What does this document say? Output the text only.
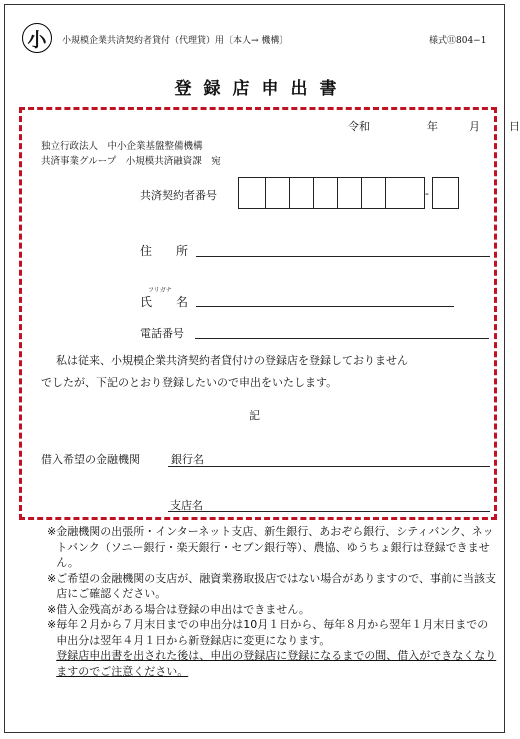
小	小規模企業共済契約者貸付（代理貸）用〔本人→ 機構〕	様式⑪804−1
登録店申出書
令和	年	月	日
独立行政法人　中小企業基盤整備機構
共済事業グループ　小規模共済融資課　宛
共済契約者番号	-
住　　所
フリガナ
氏　　名
電話番号
私は従来、小規模企業共済契約者貸付けの登録店を登録しておりません
でしたが、下記のとおり登録したいので申出をいたします。
記
借入希望の金融機関	銀行名
支店名
※ 金融機関の出張所・インターネット支店、新生銀行、あおぞら銀行、シティバンク、ネットバンク（ソニー銀行・楽天銀行・セブン銀行等）、農協、ゆうちょ銀行は登録できません。
※ ご希望の金融機関の支店が、融資業務取扱店ではない場合がありますので、事前に当該支店にご確認ください。
※ 借入金残高がある場合は登録の申出はできません。
※ 毎年２月から７月末日までの申出分は10月１日から、毎年８月から翌年１月末日までの申出分は翌年４月１日から新登録店に変更になります。
登録店申出書を出された後は、申出の登録店に登録になるまでの間、借入ができなくなりますのでご注意ください。
